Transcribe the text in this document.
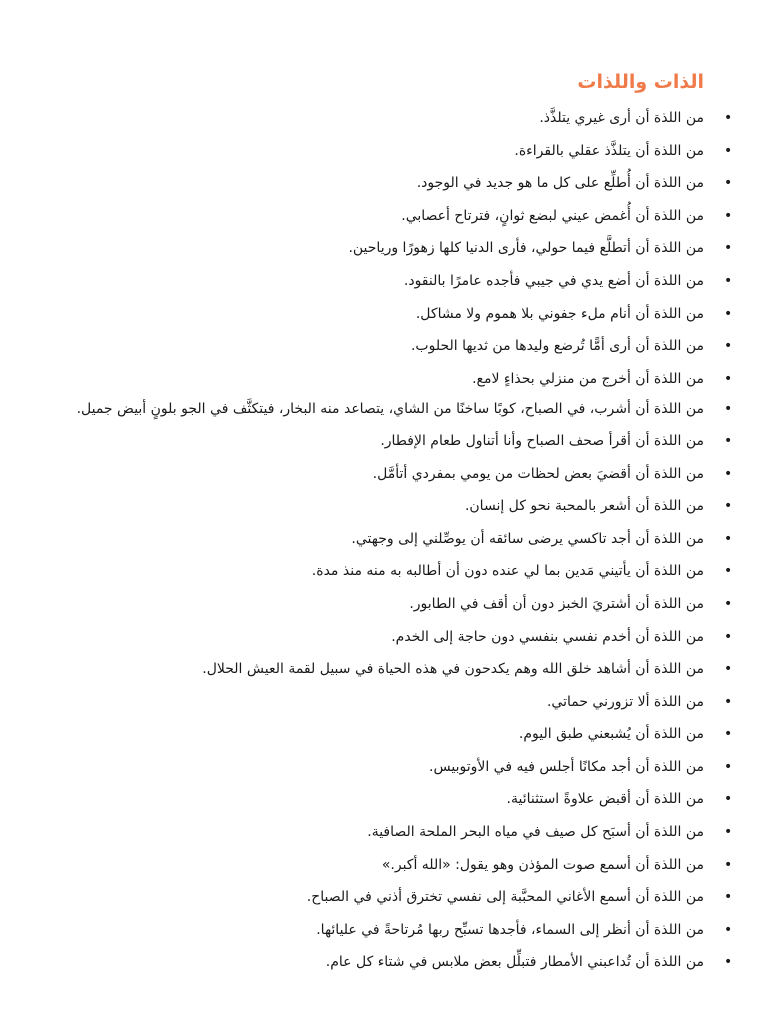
الذات واللذات
•
من اللذة أن أرى غيري يتلذَّذ.
•
من اللذة أن يتلذَّذ عقلي بالقراءة.
•
من اللذة أن أُطلِّع على كل ما هو جديد في الوجود.
•
من اللذة أن أُغمض عيني لبضع ثوانٍ، فترتاح أعصابي.
•
من اللذة أن أتطلَّع فيما حولي، فأرى الدنيا كلها زهورًا ورياحين.
•
من اللذة أن أضع يدي في جيبي فأجده عامرًا بالنقود.
•
من اللذة أن أنام ملء جفوني بلا هموم ولا مشاكل.
•
من اللذة أن أرى أمًّا تُرضع وليدها من ثديها الحلوب.
•
من اللذة أن أخرج من منزلي بحذاءٍ لامع.
•
من اللذة أن أشرب، في الصباح، كوبًا ساخنًا من الشاي، يتصاعد منه البخار، فيتكثَّف في الجو بلونٍ أبيض جميل.
•
من اللذة أن أقرأ صحف الصباح وأنا أتناول طعام الإفطار.
•
من اللذة أن أقضيَ بعض لحظات من يومي بمفردي أتأمَّل.
•
من اللذة أن أشعر بالمحبة نحو كل إنسان.
•
من اللذة أن أجد تاكسي يرضى سائقه أن يوصِّلني إلى وجهتي.
•
من اللذة أن يأتيني مَدين بما لي عنده دون أن أطالبه به منه منذ مدة.
•
من اللذة أن أشتريَ الخبز دون أن أقف في الطابور.
•
من اللذة أن أخدم نفسي بنفسي دون حاجة إلى الخدم.
•
من اللذة أن أشاهد خلق الله وهم يكدحون في هذه الحياة في سبيل لقمة العيش الحلال.
•
من اللذة ألا تزورني حماتي.
•
من اللذة أن يُشبعني طبق اليوم.
•
من اللذة أن أجد مكانًا أجلس فيه في الأوتوبيس.
•
من اللذة أن أقبض علاوةً استثنائية.
•
من اللذة أن أسبَح كل صيف في مياه البحر الملحة الصافية.
•
من اللذة أن أسمع صوت المؤذن وهو يقول: «الله أكبر.»
•
من اللذة أن أسمع الأغاني المحبَّبة إلى نفسي تخترق أذني في الصباح.
•
من اللذة أن أنظر إلى السماء، فأجدها تسبِّح ربها مُرتاحةً في عليائها.
•
من اللذة أن تُداعبني الأمطار فتبلِّل بعض ملابس في شتاء كل عام.
